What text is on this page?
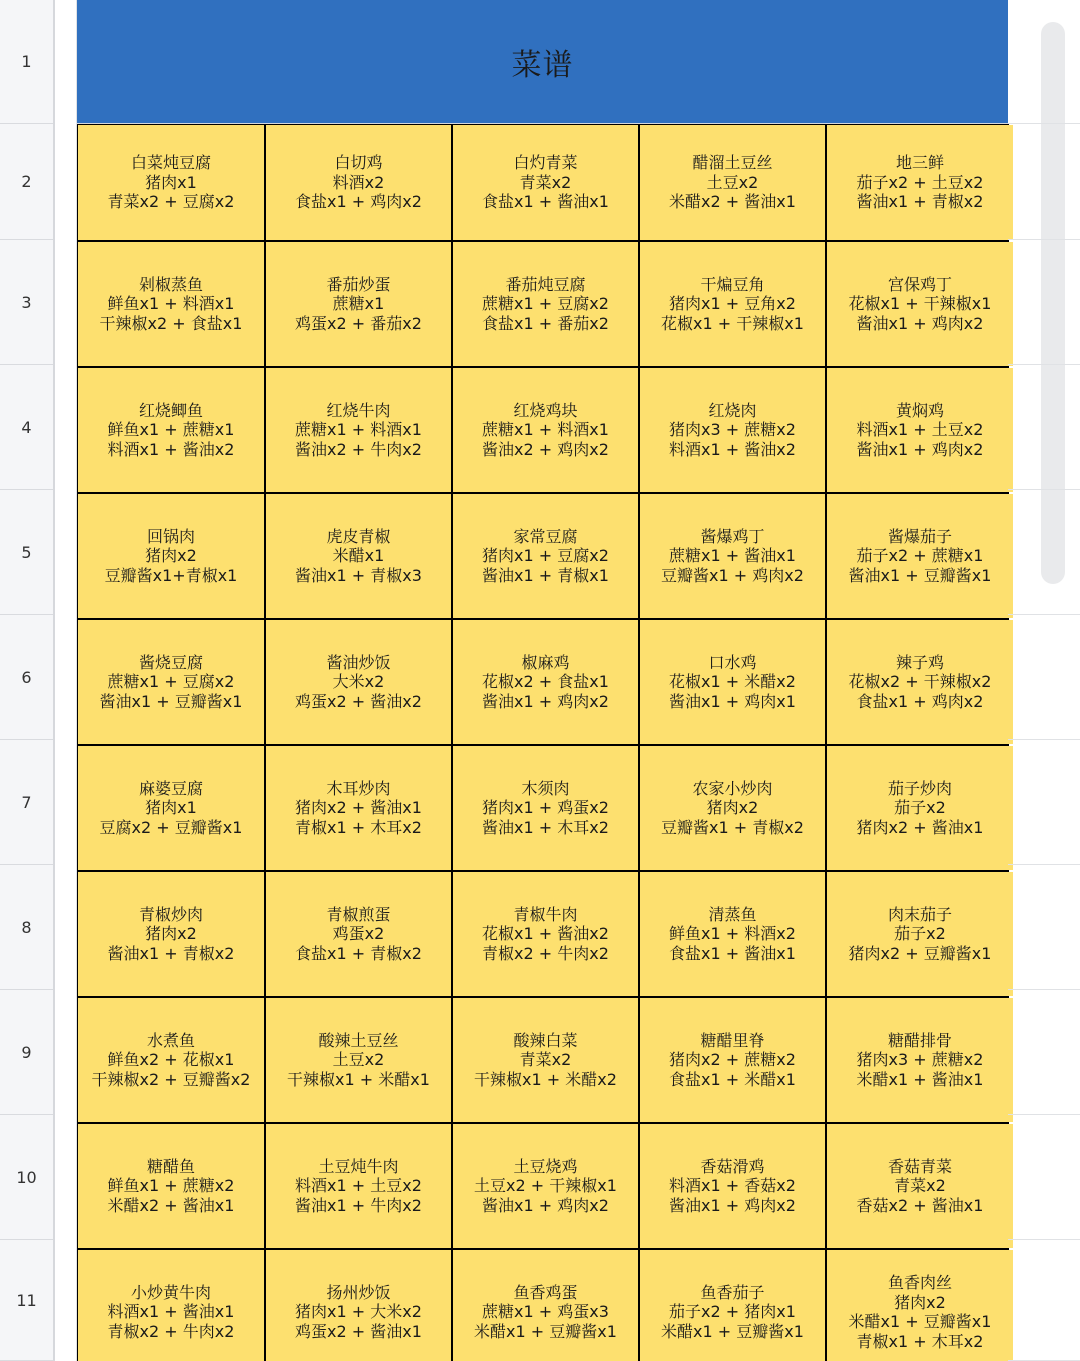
1
2
3
4
5
6
7
8
9
10
11
菜谱
白菜炖豆腐
猪肉x1
青菜x2 + 豆腐x2
白切鸡
料酒x2
食盐x1 + 鸡肉x2
白灼青菜
青菜x2
食盐x1 + 酱油x1
醋溜土豆丝
土豆x2
米醋x2 + 酱油x1
地三鲜
茄子x2 + 土豆x2
酱油x1 + 青椒x2
剁椒蒸鱼
鲜鱼x1 + 料酒x1
干辣椒x2 + 食盐x1
番茄炒蛋
蔗糖x1
鸡蛋x2 + 番茄x2
番茄炖豆腐
蔗糖x1 + 豆腐x2
食盐x1 + 番茄x2
干煸豆角
猪肉x1 + 豆角x2
花椒x1 + 干辣椒x1
宫保鸡丁
花椒x1 + 干辣椒x1
酱油x1 + 鸡肉x2
红烧鲫鱼
鲜鱼x1 + 蔗糖x1
料酒x1 + 酱油x2
红烧牛肉
蔗糖x1 + 料酒x1
酱油x2 + 牛肉x2
红烧鸡块
蔗糖x1 + 料酒x1
酱油x2 + 鸡肉x2
红烧肉
猪肉x3 + 蔗糖x2
料酒x1 + 酱油x2
黄焖鸡
料酒x1 + 土豆x2
酱油x1 + 鸡肉x2
回锅肉
猪肉x2
豆瓣酱x1+青椒x1
虎皮青椒
米醋x1
酱油x1 + 青椒x3
家常豆腐
猪肉x1 + 豆腐x2
酱油x1 + 青椒x1
酱爆鸡丁
蔗糖x1 + 酱油x1
豆瓣酱x1 + 鸡肉x2
酱爆茄子
茄子x2 + 蔗糖x1
酱油x1 + 豆瓣酱x1
酱烧豆腐
蔗糖x1 + 豆腐x2
酱油x1 + 豆瓣酱x1
酱油炒饭
大米x2
鸡蛋x2 + 酱油x2
椒麻鸡
花椒x2 + 食盐x1
酱油x1 + 鸡肉x2
口水鸡
花椒x1 + 米醋x2
酱油x1 + 鸡肉x1
辣子鸡
花椒x2 + 干辣椒x2
食盐x1 + 鸡肉x2
麻婆豆腐
猪肉x1
豆腐x2 + 豆瓣酱x1
木耳炒肉
猪肉x2 + 酱油x1
青椒x1 + 木耳x2
木须肉
猪肉x1 + 鸡蛋x2
酱油x1 + 木耳x2
农家小炒肉
猪肉x2
豆瓣酱x1 + 青椒x2
茄子炒肉
茄子x2
猪肉x2 + 酱油x1
青椒炒肉
猪肉x2
酱油x1 + 青椒x2
青椒煎蛋
鸡蛋x2
食盐x1 + 青椒x2
青椒牛肉
花椒x1 + 酱油x2
青椒x2 + 牛肉x2
清蒸鱼
鲜鱼x1 + 料酒x2
食盐x1 + 酱油x1
肉末茄子
茄子x2
猪肉x2 + 豆瓣酱x1
水煮鱼
鲜鱼x2 + 花椒x1
干辣椒x2 + 豆瓣酱x2
酸辣土豆丝
土豆x2
干辣椒x1 + 米醋x1
酸辣白菜
青菜x2
干辣椒x1 + 米醋x2
糖醋里脊
猪肉x2 + 蔗糖x2
食盐x1 + 米醋x1
糖醋排骨
猪肉x3 + 蔗糖x2
米醋x1 + 酱油x1
糖醋鱼
鲜鱼x1 + 蔗糖x2
米醋x2 + 酱油x1
土豆炖牛肉
料酒x1 + 土豆x2
酱油x1 + 牛肉x2
土豆烧鸡
土豆x2 + 干辣椒x1
酱油x1 + 鸡肉x2
香菇滑鸡
料酒x1 + 香菇x2
酱油x1 + 鸡肉x2
香菇青菜
青菜x2
香菇x2 + 酱油x1
小炒黄牛肉
料酒x1 + 酱油x1
青椒x2 + 牛肉x2
扬州炒饭
猪肉x1 + 大米x2
鸡蛋x2 + 酱油x1
鱼香鸡蛋
蔗糖x1 + 鸡蛋x3
米醋x1 + 豆瓣酱x1
鱼香茄子
茄子x2 + 猪肉x1
米醋x1 + 豆瓣酱x1
鱼香肉丝
猪肉x2
米醋x1 + 豆瓣酱x1
青椒x1 + 木耳x2
